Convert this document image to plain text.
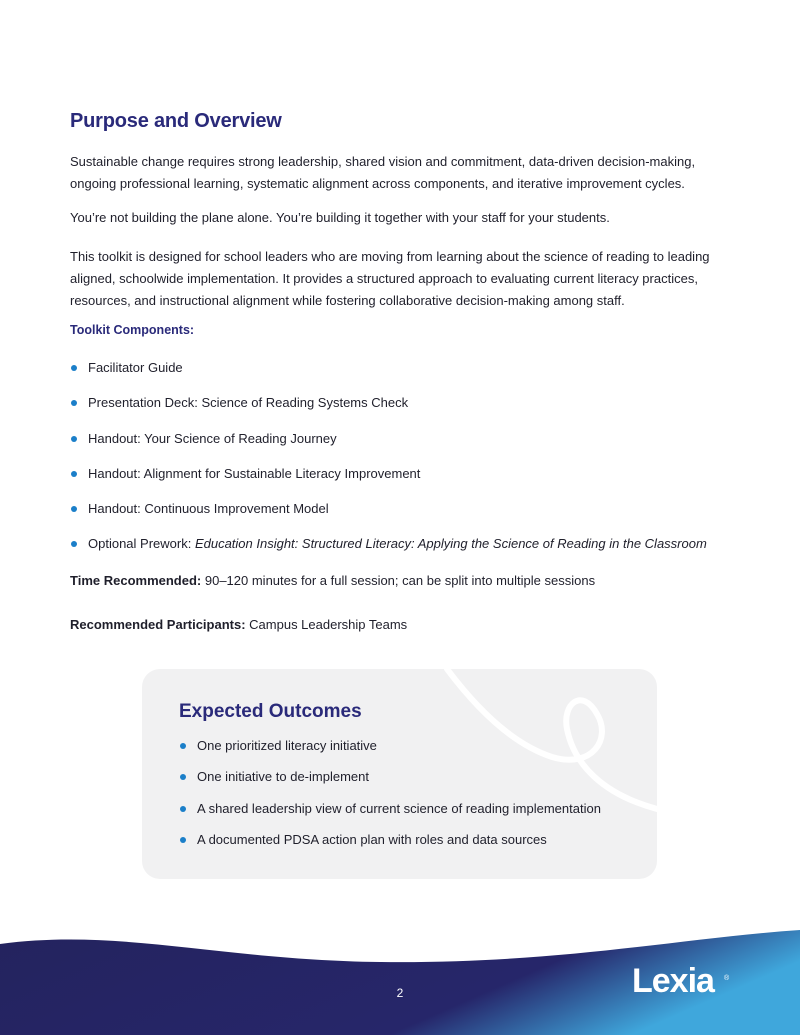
Purpose and Overview

Sustainable change requires strong leadership, shared vision and commitment, data-driven decision-making, ongoing professional learning, systematic alignment across components, and iterative improvement cycles.

You’re not building the plane alone. You’re building it together with your staff for your students.

This toolkit is designed for school leaders who are moving from learning about the science of reading to leading aligned, schoolwide implementation. It provides a structured approach to evaluating current literacy practices, resources, and instructional alignment while fostering collaborative decision-making among staff.

Toolkit Components:

Facilitator Guide
Presentation Deck: Science of Reading Systems Check
Handout: Your Science of Reading Journey
Handout: Alignment for Sustainable Literacy Improvement
Handout: Continuous Improvement Model
Optional Prework: Education Insight: Structured Literacy: Applying the Science of Reading in the Classroom

Time Recommended: 90–120 minutes for a full session; can be split into multiple sessions

Recommended Participants: Campus Leadership Teams

Expected Outcomes
One prioritized literacy initiative
One initiative to de-implement
A shared leadership view of current science of reading implementation
A documented PDSA action plan with roles and data sources
2	Lexia ®
